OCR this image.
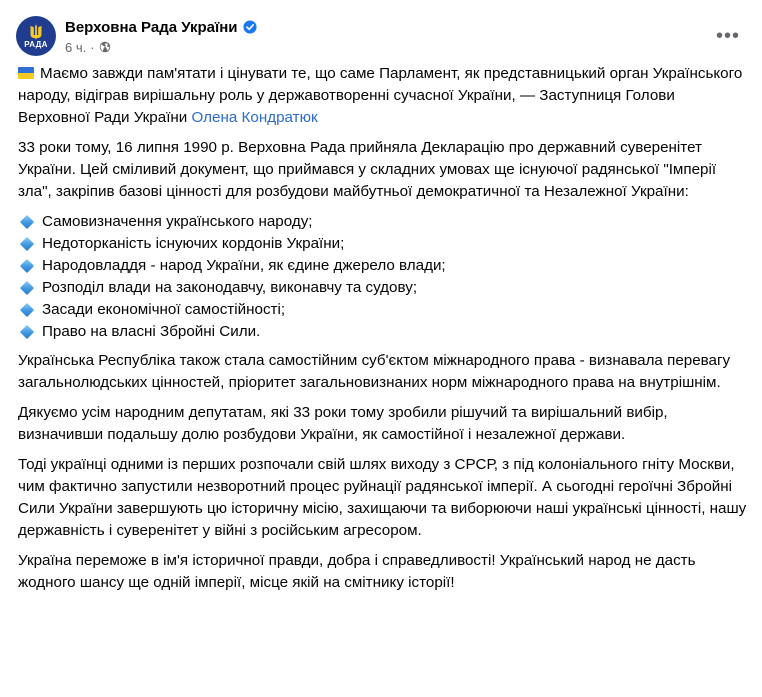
РАДА
Верховна Рада України
6 ч. ·
•••

Маємо завжди пам'ятати і цінувати те, що саме Парламент, як представницький орган Українського народу, відіграв вирішальну роль у державотворенні сучасної України, — Заступниця Голови Верховної Ради України Олена Кондратюк

33 роки тому, 16 липня 1990 р. Верховна Рада прийняла Декларацію про державний суверенітет України. Цей сміливий документ, що приймався у складних умовах ще існуючої радянської "Імперії зла", закріпив базові цінності для розбудови майбутньої демократичної та Незалежної України:

Самовизначення українського народу;
Недоторканість існуючих кордонів України;
Народовладдя - народ України, як єдине джерело влади;
Розподіл влади на законодавчу, виконавчу та судову;
Засади економічної самостійності;
Право на власні Збройні Сили.

Українська Республіка також стала самостійним суб'єктом міжнародного права - визнавала перевагу загальнолюдських цінностей, пріоритет загальновизнаних норм міжнародного права на внутрішнім.

Дякуємо усім народним депутатам, які 33 роки тому зробили рішучий та вирішальний вибір, визначивши подальшу долю розбудови України, як самостійної і незалежної держави.

Тоді українці одними із перших розпочали свій шлях виходу з СРСР, з під колоніального гніту Москви, чим фактично запустили незворотний процес руйнації радянської імперії. А сьогодні героїчні Збройні Сили України завершують цю історичну місію, захищаючи та виборюючи наші українські цінності, нашу державність і суверенітет у війні з російським агресором.

Україна переможе в ім'я історичної правди, добра і справедливості! Український народ не дасть жодного шансу ще одній імперії, місце якій на смітнику історії!
